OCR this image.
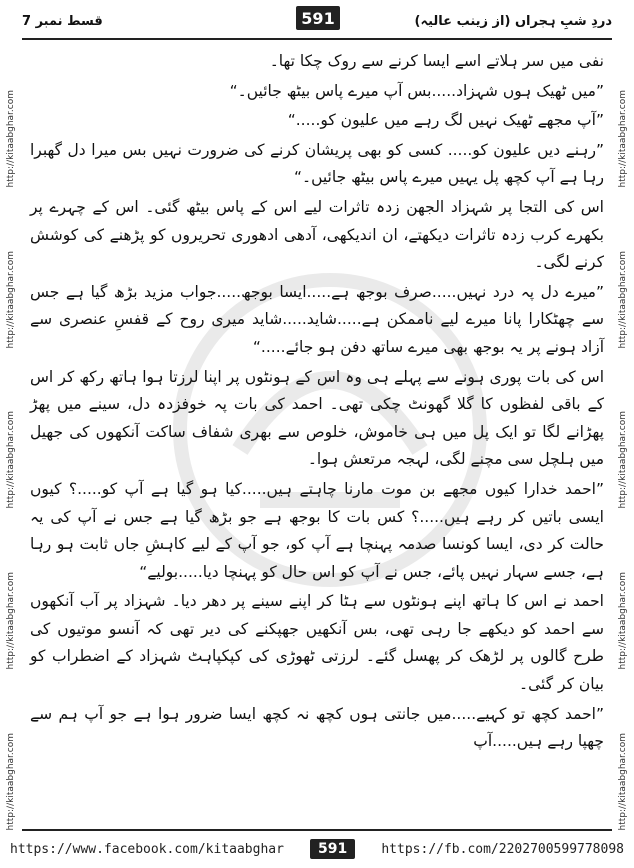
قسط نمبر 7	دردِ شبِ ہجراں (از زینب عالیہ)
591
http://kitaabghar.com
http://kitaabghar.com
http://kitaabghar.com
http://kitaabghar.com
http://kitaabghar.com
http://kitaabghar.com
http://kitaabghar.com
http://kitaabghar.com
http://kitaabghar.com
http://kitaabghar.com

نفی میں سر ہلاتے اسے ایسا کرنے سے روک چکا تھا۔

”میں ٹھیک ہوں شہزاد.....بس آپ میرے پاس بیٹھ جائیں۔“

”آپ مجھے ٹھیک نہیں لگ رہے میں علیون کو.....“

”رہنے دیں علیون کو..... کسی کو بھی پریشان کرنے کی ضرورت نہیں بس میرا دل گھبرا رہا ہے آپ کچھ پل یہیں میرے پاس بیٹھ جائیں۔“

اس کی التجا پر شہزاد الجھن زدہ تاثرات لیے اس کے پاس بیٹھ گئی۔ اس کے چہرے پر بکھرے کرب زدہ تاثرات دیکھتے، ان اندیکھی، آدھی ادھوری تحریروں کو پڑھنے کی کوشش کرنے لگی۔

”میرے دل پہ درد نہیں.....صرف بوجھ ہے.....ایسا بوجھ.....جواب مزید بڑھ گیا ہے جس سے چھٹکارا پانا میرے لیے ناممکن ہے.....شاید.....شاید میری روح کے قفسِ عنصری سے آزاد ہونے پر یہ بوجھ بھی میرے ساتھ دفن ہو جائے.....“

اس کی بات پوری ہونے سے پہلے ہی وہ اس کے ہونٹوں پر اپنا لرزتا ہوا ہاتھ رکھ کر اس کے باقی لفظوں کا گلا گھونٹ چکی تھی۔ احمد کی بات پہ خوفزدہ دل، سینے میں پھڑ پھڑانے لگا تو ایک پل میں ہی خاموش، خلوص سے بھری شفاف ساکت آنکھوں کی جھیل میں ہلچل سی مچنے لگی، لہجہ مرتعش ہوا۔

”احمد خدارا کیوں مجھے بن موت مارنا چاہتے ہیں.....کیا ہو گیا ہے آپ کو.....؟ کیوں ایسی باتیں کر رہے ہیں.....؟ کس بات کا بوجھ ہے جو بڑھ گیا ہے جس نے آپ کی یہ حالت کر دی، ایسا کونسا صدمہ پہنچا ہے آپ کو، جو آپ کے لیے کاہشِ جاں ثابت ہو رہا ہے، جسے سہار نہیں پائے، جس نے آپ کو اس حال کو پہنچا دیا.....بولیے“

احمد نے اس کا ہاتھ اپنے ہونٹوں سے ہٹا کر اپنے سینے پر دھر دیا۔ شہزاد پر آب آنکھوں سے احمد کو دیکھے جا رہی تھی، بس آنکھیں جھپکنے کی دیر تھی کہ آنسو موتیوں کی طرح گالوں پر لڑھک کر پھسل گئے۔ لرزتی ٹھوڑی کی کپکپاہٹ شہزاد کے اضطراب کو بیان کر گئی۔

”احمد کچھ تو کہیے.....میں جانتی ہوں کچھ نہ کچھ ایسا ضرور ہوا ہے جو آپ ہم سے چھپا رہے ہیں.....آپ

https://www.facebook.com/kitaabghar	591	https://fb.com/2202700599778098
